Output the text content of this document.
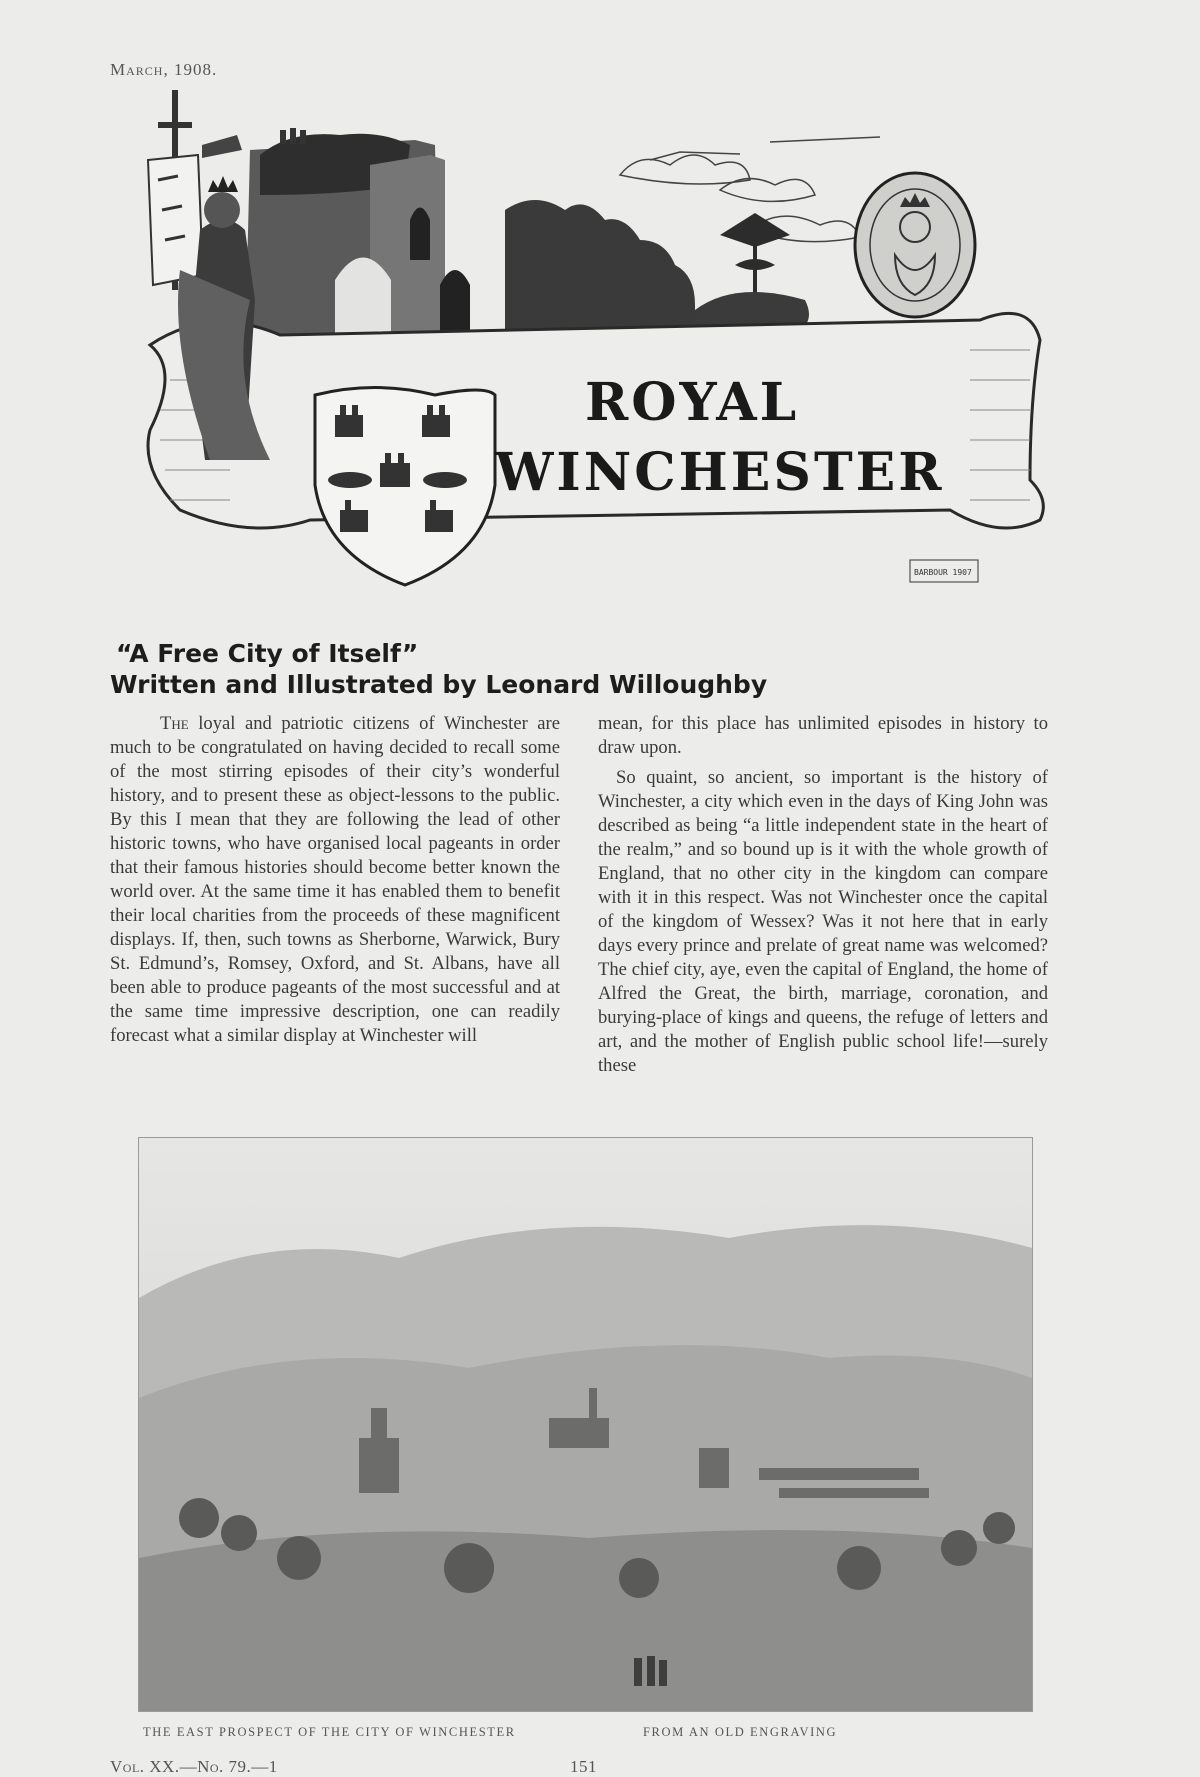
March, 1908.
ROYAL
WINCHESTER
BARBOUR 1907
“A Free City of Itself”
Written and Illustrated by Leonard Willoughby

The loyal and patriotic citizens of Winchester are much to be congratulated on having decided to recall some of the most stirring episodes of their city’s wonderful history, and to present these as object-lessons to the public. By this I mean that they are following the lead of other historic towns, who have organised local pageants in order that their famous histories should become better known the world over. At the same time it has enabled them to benefit their local charities from the proceeds of these magnificent displays. If, then, such towns as Sherborne, Warwick, Bury St. Edmund’s, Romsey, Oxford, and St. Albans, have all been able to produce pageants of the most successful and at the same time impressive description, one can readily forecast what a similar display at Winchester will

mean, for this place has unlimited episodes in history to draw upon.

So quaint, so ancient, so important is the history of Winchester, a city which even in the days of King John was described as being “a little independent state in the heart of the realm,” and so bound up is it with the whole growth of England, that no other city in the kingdom can compare with it in this respect. Was not Winchester once the capital of the kingdom of Wessex? Was it not here that in early days every prince and prelate of great name was welcomed? The chief city, aye, even the capital of England, the home of Alfred the Great, the birth, marriage, coronation, and burying-place of kings and queens, the refuge of letters and art, and the mother of English public school life!—surely these

THE EAST PROSPECT OF THE CITY OF WINCHESTER	FROM AN OLD ENGRAVING
Vol. XX.—No. 79.—1	151
